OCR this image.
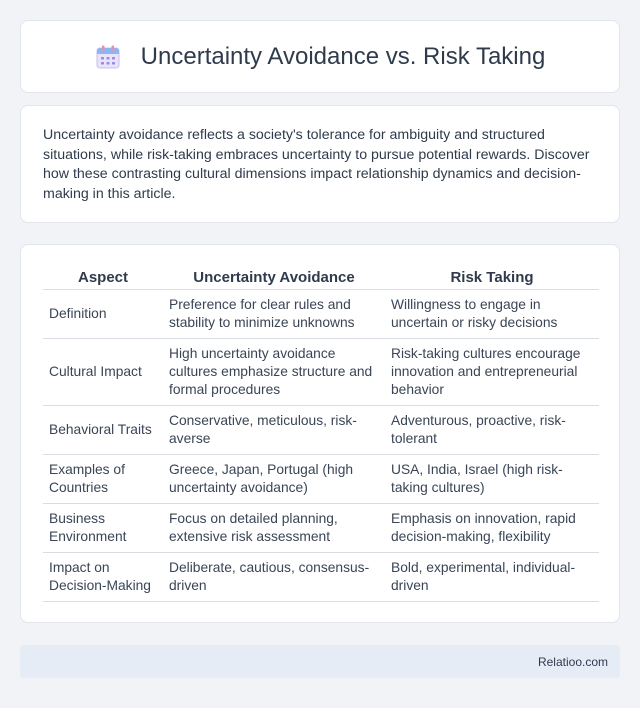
Uncertainty Avoidance vs. Risk Taking

Uncertainty avoidance reflects a society's tolerance for ambiguity and structured situations, while risk-taking embraces uncertainty to pursue potential rewards. Discover how these contrasting cultural dimensions impact relationship dynamics and decision-making in this article.

Aspect	Uncertainty Avoidance	Risk Taking
Definition	Preference for clear rules and stability to minimize unknowns	Willingness to engage in uncertain or risky decisions
Cultural Impact	High uncertainty avoidance cultures emphasize structure and formal procedures	Risk-taking cultures encourage innovation and entrepreneurial behavior
Behavioral Traits	Conservative, meticulous, risk-averse	Adventurous, proactive, risk-tolerant
Examples of Countries	Greece, Japan, Portugal (high uncertainty avoidance)	USA, India, Israel (high risk-taking cultures)
Business Environment	Focus on detailed planning, extensive risk assessment	Emphasis on innovation, rapid decision-making, flexibility
Impact on Decision-Making	Deliberate, cautious, consensus-driven	Bold, experimental, individual-driven
Relatioo.com
